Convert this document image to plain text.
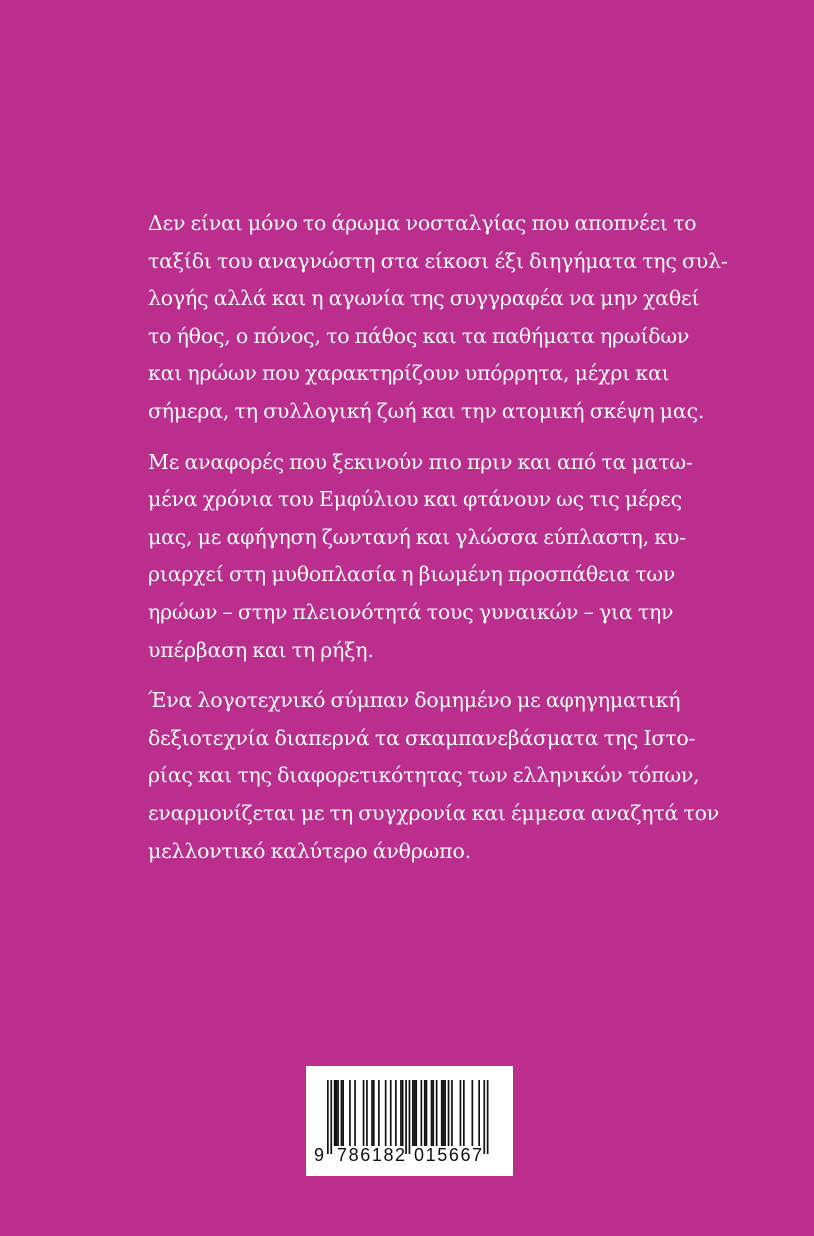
Δεν είναι μόνο το άρωμα νοσταλγίας που αποπνέει το
ταξίδι του αναγνώστη στα είκοσι έξι διηγήματα της συλ-
λογής αλλά και η αγωνία της συγγραφέα να μην χαθεί
το ήθος, ο πόνος, το πάθος και τα παθήματα ηρωίδων
και ηρώων που χαρακτηρίζουν υπόρρητα, μέχρι και
σήμερα, τη συλλογική ζωή και την ατομική σκέψη μας.
Με αναφορές που ξεκινούν πιο πριν και από τα ματω-
μένα χρόνια του Εμφύλιου και φτάνουν ως τις μέρες
μας, με αφήγηση ζωντανή και γλώσσα εύπλαστη, κυ-
ριαρχεί στη μυθοπλασία η βιωμένη προσπάθεια των
ηρώων – στην πλειονότητά τους γυναικών – για την
υπέρβαση και τη ρήξη.
Ένα λογοτεχνικό σύμπαν δομημένο με αφηγηματική
δεξιοτεχνία διαπερνά τα σκαμπανεβάσματα της Ιστο-
ρίας και της διαφορετικότητας των ελληνικών τόπων,
εναρμονίζεται με τη συγχρονία και έμμεσα αναζητά τον
μελλοντικό καλύτερο άνθρωπο.
9 786182 015667
